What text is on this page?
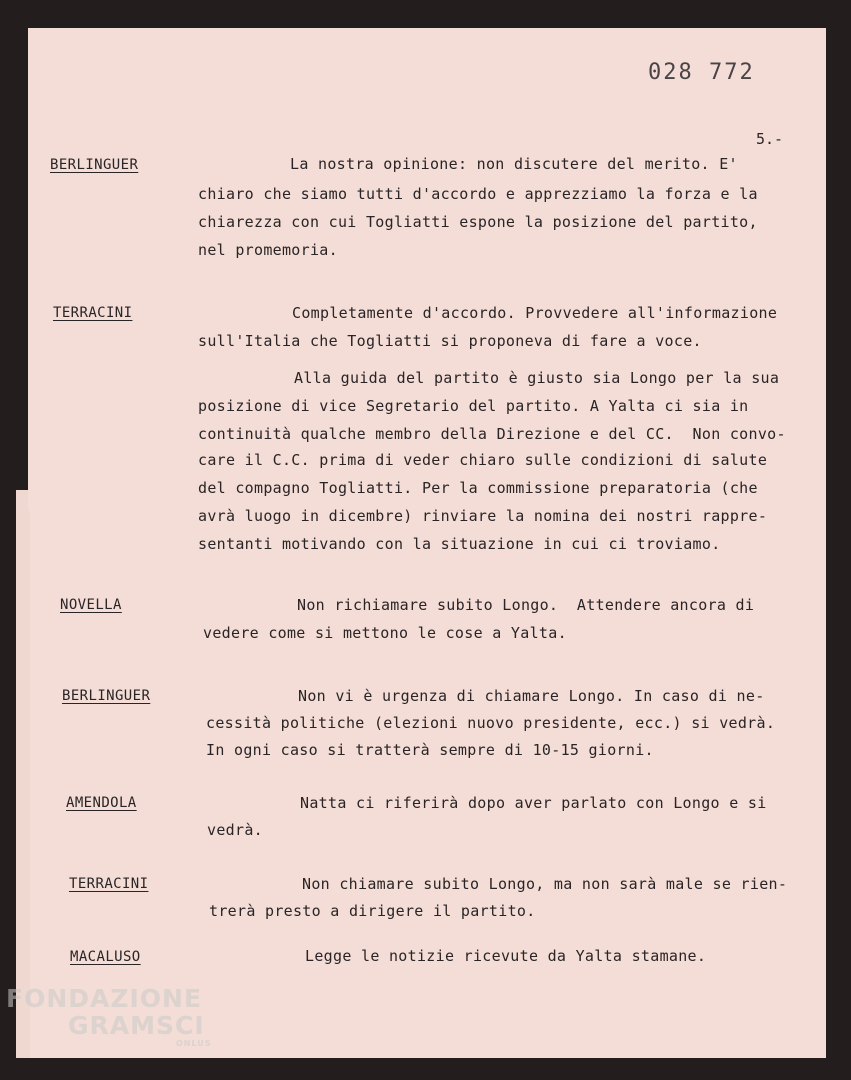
028 772
5.-
BERLINGUER	La nostra opinione: non discutere del merito. E'
chiaro che siamo tutti d'accordo e apprezziamo la forza e la
chiarezza con cui Togliatti espone la posizione del partito,
nel promemoria.
TERRACINI	Completamente d'accordo. Provvedere all'informazione
sull'Italia che Togliatti si proponeva di fare a voce.
Alla guida del partito è giusto sia Longo per la sua
posizione di vice Segretario del partito. A Yalta ci sia in
continuità qualche membro della Direzione e del CC.  Non convo-
care il C.C. prima di veder chiaro sulle condizioni di salute
del compagno Togliatti. Per la commissione preparatoria (che
avrà luogo in dicembre) rinviare la nomina dei nostri rappre-
sentanti motivando con la situazione in cui ci troviamo.
NOVELLA	Non richiamare subito Longo.  Attendere ancora di
vedere come si mettono le cose a Yalta.
BERLINGUER	Non vi è urgenza di chiamare Longo. In caso di ne-
cessità politiche (elezioni nuovo presidente, ecc.) si vedrà.
In ogni caso si tratterà sempre di 10-15 giorni.
AMENDOLA	Natta ci riferirà dopo aver parlato con Longo e si
vedrà.
TERRACINI	Non chiamare subito Longo, ma non sarà male se rien-
trerà presto a dirigere il partito.
MACALUSO	Legge le notizie ricevute da Yalta stamane.
FONDAZIONE
GRAMSCI
ONLUS
